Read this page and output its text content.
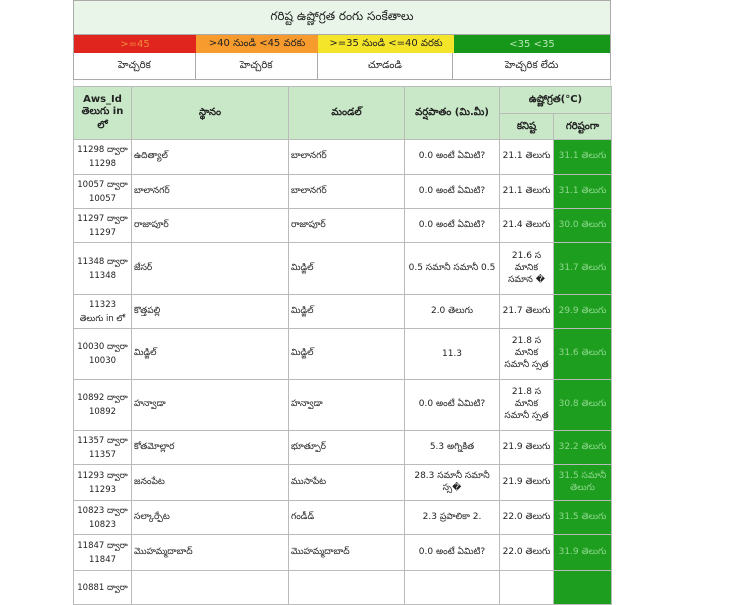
గరిష్ట ఉష్ణోగ్రత రంగు సంకేతాలు
>=45	>40 నుండి <45 వరకు	>=35 నుండి <=40 వరకు	<35 <35
హెచ్చరిక	హెచ్చరిక	చూడండి	హెచ్చరిక లేదు
Aws_Id తెలుగు in లో	స్థానం	మండల్	వర్షపాతం (మి.మీ)	ఉష్ణోగ్రత(°C)	
				కనిష్ట	గరిష్టంగా
11298 ద్వారా 11298	ఉదిత్యాల్	బాలానగర్	0.0 అంటే ఏమిటి?	21.1 తెలుగు	31.1 తెలుగు
10057 ద్వారా 10057	బాలానగర్	బాలానగర్	0.0 అంటే ఏమిటి?	21.1 తెలుగు	31.1 తెలుగు
11297 ద్వారా 11297	రాజాపూర్	రాజాపూర్	0.0 అంటే ఏమిటి?	21.4 తెలుగు	30.0 తెలుగు
11348 ద్వారా 11348	జేసర్	మిడ్జిల్	0.5 సమానీ సమానీ 0.5	21.6 స మానిక సమాన �	31.7 తెలుగు
11323 తెలుగు in లో	కొత్తపల్లి	మిడ్జిల్	2.0 తెలుగు	21.7 తెలుగు	29.9 తెలుగు
10030 ద్వారా 10030	మిడ్జిల్	మిడ్జిల్	11.3	21.8 స మానిక సమానీ స్సత	31.6 తెలుగు
10892 ద్వారా 10892	హన్వాడా	హన్వాడా	0.0 అంటే ఏమిటి?	21.8 స మానిక సమానీ స్సత	30.8 తెలుగు
11357 ద్వారా 11357	కోతమోల్లార	భూత్పూర్	5.3 అగ్నికిత	21.9 తెలుగు	32.2 తెలుగు
11293 ద్వారా 11293	జనంపేట	ముసాపేట	28.3 సమానీ సమానీ స్స�	21.9 తెలుగు	31.5 సమానీ తెలుగు
10823 ద్వారా 10823	సల్కార్పేట	గండీడ్	2.3 ప్రపాలికా 2.	22.0 తెలుగు	31.5 తెలుగు
11847 ద్వారా 11847	మొహమ్మదాబాద్	మొహమ్మదాబాద్	0.0 అంటే ఏమిటి?	22.0 తెలుగు	31.9 తెలుగు
10881 ద్వారా					
